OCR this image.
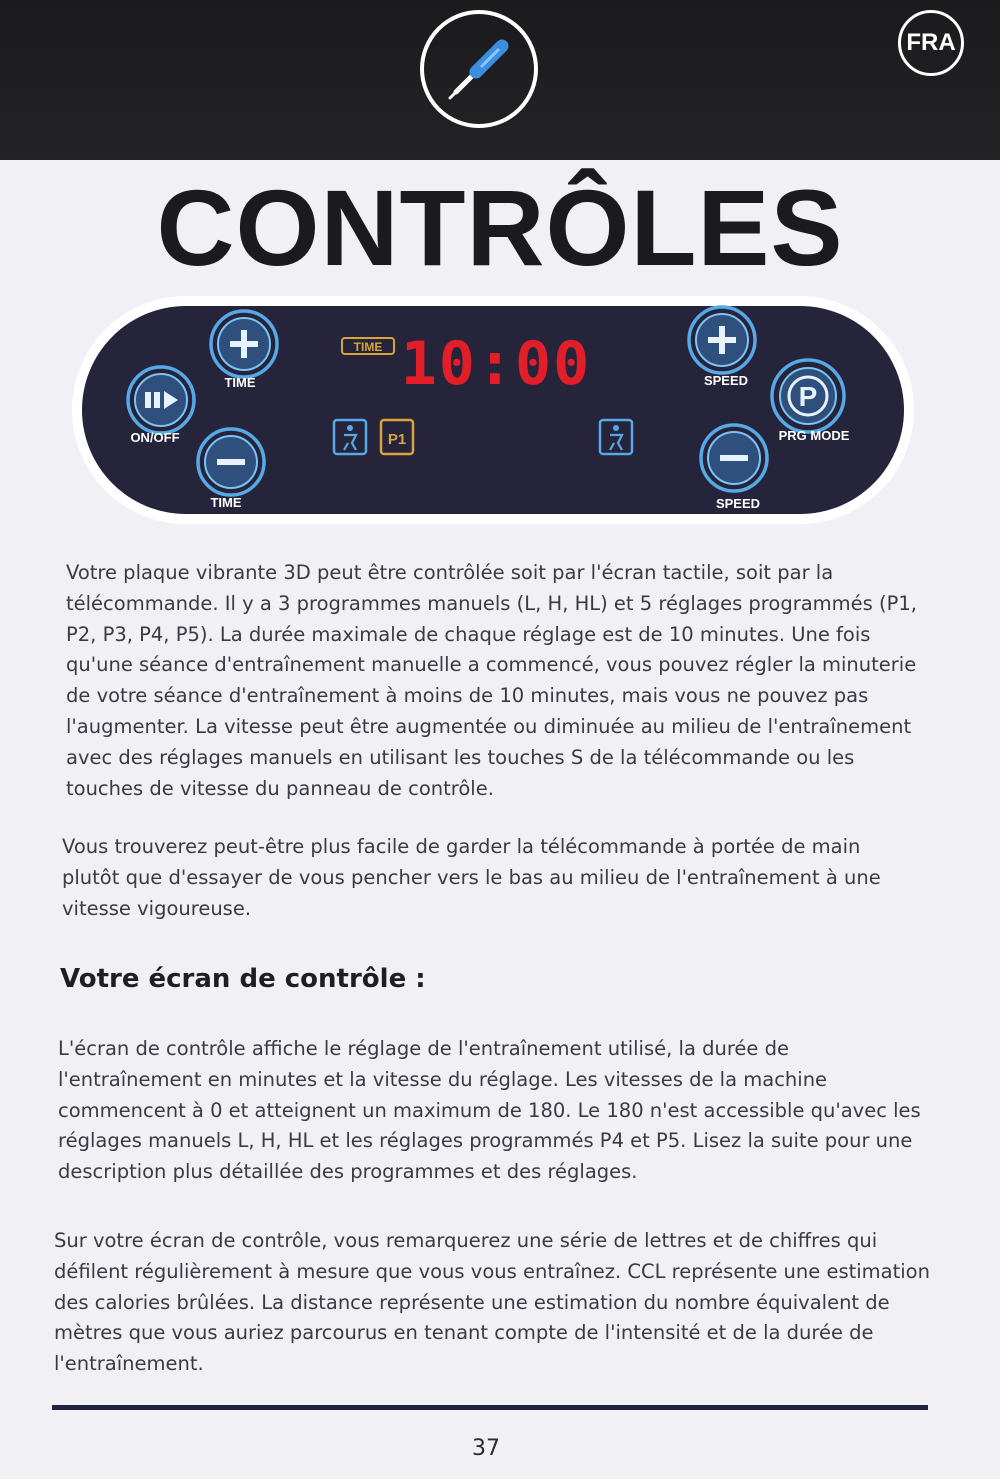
FRA
CONTRÔLES
TIME
ON/OFF
TIME
TIME 10:00
P1
SPEED
P
PRG MODE
SPEED

Votre plaque vibrante 3D peut être contrôlée soit par l'écran tactile, soit par la télécommande. Il y a 3 programmes manuels (L, H, HL) et 5 réglages programmés (P1, P2, P3, P4, P5). La durée maximale de chaque réglage est de 10 minutes. Une fois qu'une séance d'entraînement manuelle a commencé, vous pouvez régler la minuterie de votre séance d'entraînement à moins de 10 minutes, mais vous ne pouvez pas l'augmenter. La vitesse peut être augmentée ou diminuée au milieu de l'entraînement avec des réglages manuels en utilisant les touches S de la télécommande ou les touches de vitesse du panneau de contrôle.

Vous trouverez peut-être plus facile de garder la télécommande à portée de main plutôt que d'essayer de vous pencher vers le bas au milieu de l'entraînement à une vitesse vigoureuse.

Votre écran de contrôle :

L'écran de contrôle affiche le réglage de l'entraînement utilisé, la durée de l'entraînement en minutes et la vitesse du réglage. Les vitesses de la machine commencent à 0 et atteignent un maximum de 180. Le 180 n'est accessible qu'avec les réglages manuels L, H, HL et les réglages programmés P4 et P5. Lisez la suite pour une description plus détaillée des programmes et des réglages.

Sur votre écran de contrôle, vous remarquerez une série de lettres et de chiffres qui défilent régulièrement à mesure que vous vous entraînez. CCL représente une estimation des calories brûlées. La distance représente une estimation du nombre équivalent de mètres que vous auriez parcourus en tenant compte de l'intensité et de la durée de l'entraînement.

37
